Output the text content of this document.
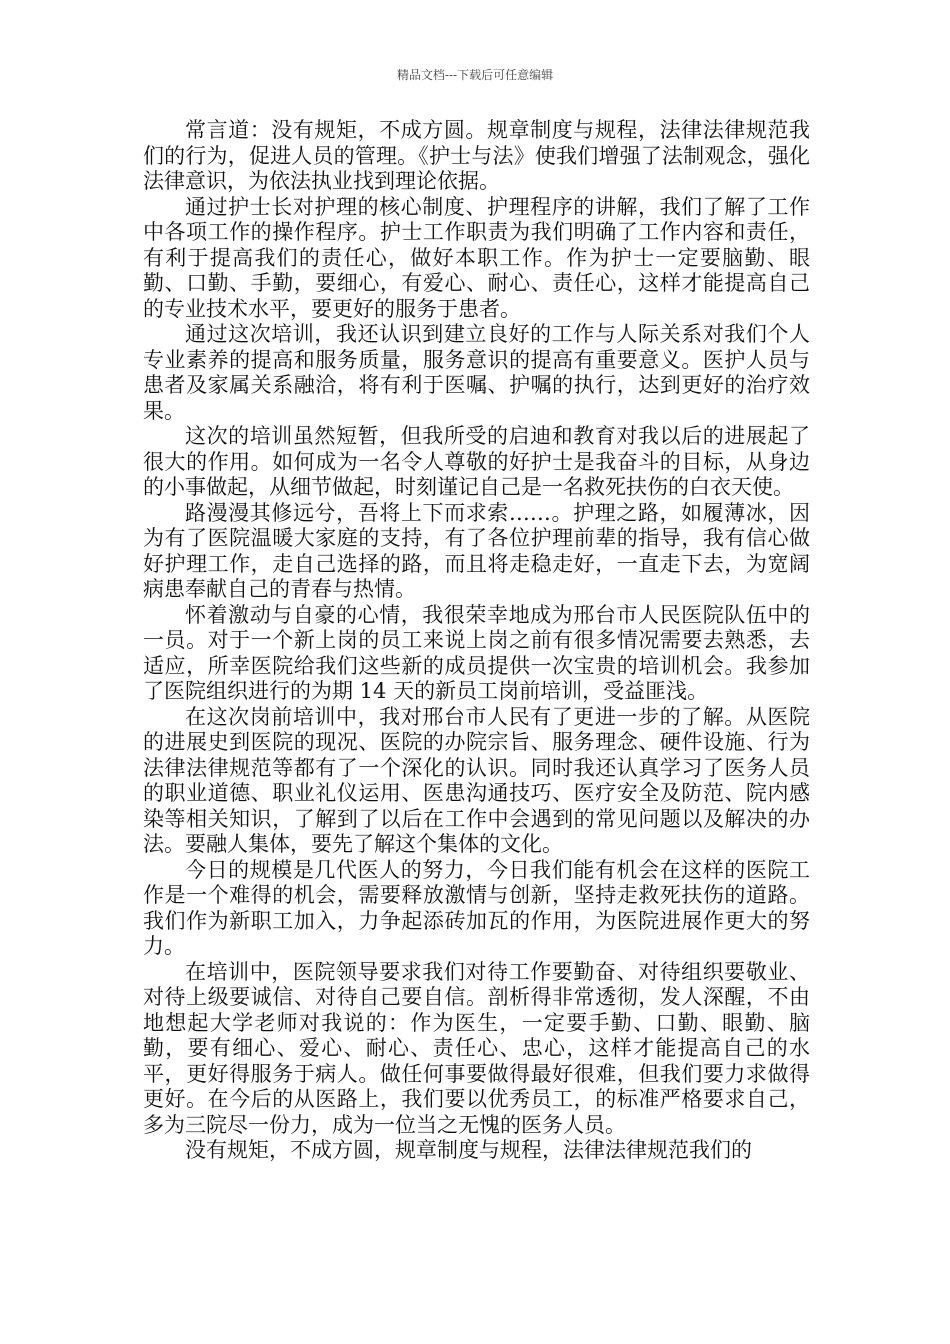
精品文档---下载后可任意编辑

常言道：没有规矩，不成方圆。规章制度与规程，法律法律规范我们的行为，促进人员的管理。《护士与法》使我们增强了法制观念，强化法律意识，为依法执业找到理论依据。

通过护士长对护理的核心制度、护理程序的讲解，我们了解了工作中各项工作的操作程序。护士工作职责为我们明确了工作内容和责任，有利于提高我们的责任心，做好本职工作。作为护士一定要脑勤、眼勤、口勤、手勤，要细心，有爱心、耐心、责任心，这样才能提高自己的专业技术水平，要更好的服务于患者。

通过这次培训，我还认识到建立良好的工作与人际关系对我们个人专业素养的提高和服务质量，服务意识的提高有重要意义。医护人员与患者及家属关系融洽，将有利于医嘱、护嘱的执行，达到更好的治疗效果。

这次的培训虽然短暂，但我所受的启迪和教育对我以后的进展起了很大的作用。如何成为一名令人尊敬的好护士是我奋斗的目标，从身边的小事做起，从细节做起，时刻谨记自己是一名救死扶伤的白衣天使。

路漫漫其修远兮，吾将上下而求索……。护理之路，如履薄冰，因为有了医院温暖大家庭的支持，有了各位护理前辈的指导，我有信心做好护理工作，走自己选择的路，而且将走稳走好，一直走下去，为宽阔病患奉献自己的青春与热情。

怀着激动与自豪的心情，我很荣幸地成为邢台市人民医院队伍中的一员。对于一个新上岗的员工来说上岗之前有很多情况需要去熟悉，去适应，所幸医院给我们这些新的成员提供一次宝贵的培训机会。我参加了医院组织进行的为期 14 天的新员工岗前培训，受益匪浅。

在这次岗前培训中，我对邢台市人民有了更进一步的了解。从医院的进展史到医院的现况、医院的办院宗旨、服务理念、硬件设施、行为法律法律规范等都有了一个深化的认识。同时我还认真学习了医务人员的职业道德、职业礼仪运用、医患沟通技巧、医疗安全及防范、院内感染等相关知识，了解到了以后在工作中会遇到的常见问题以及解决的办法。要融人集体，要先了解这个集体的文化。

今日的规模是几代医人的努力，今日我们能有机会在这样的医院工作是一个难得的机会，需要释放激情与创新，坚持走救死扶伤的道路。我们作为新职工加入，力争起添砖加瓦的作用，为医院进展作更大的努力。

在培训中，医院领导要求我们对待工作要勤奋、对待组织要敬业、对待上级要诚信、对待自己要自信。剖析得非常透彻，发人深醒，不由地想起大学老师对我说的：作为医生，一定要手勤、口勤、眼勤、脑勤，要有细心、爱心、耐心、责任心、忠心，这样才能提高自己的水平，更好得服务于病人。做任何事要做得最好很难，但我们要力求做得更好。在今后的从医路上，我们要以优秀员工，的标准严格要求自己，多为三院尽一份力，成为一位当之无愧的医务人员。

没有规矩，不成方圆，规章制度与规程，法律法律规范我们的
